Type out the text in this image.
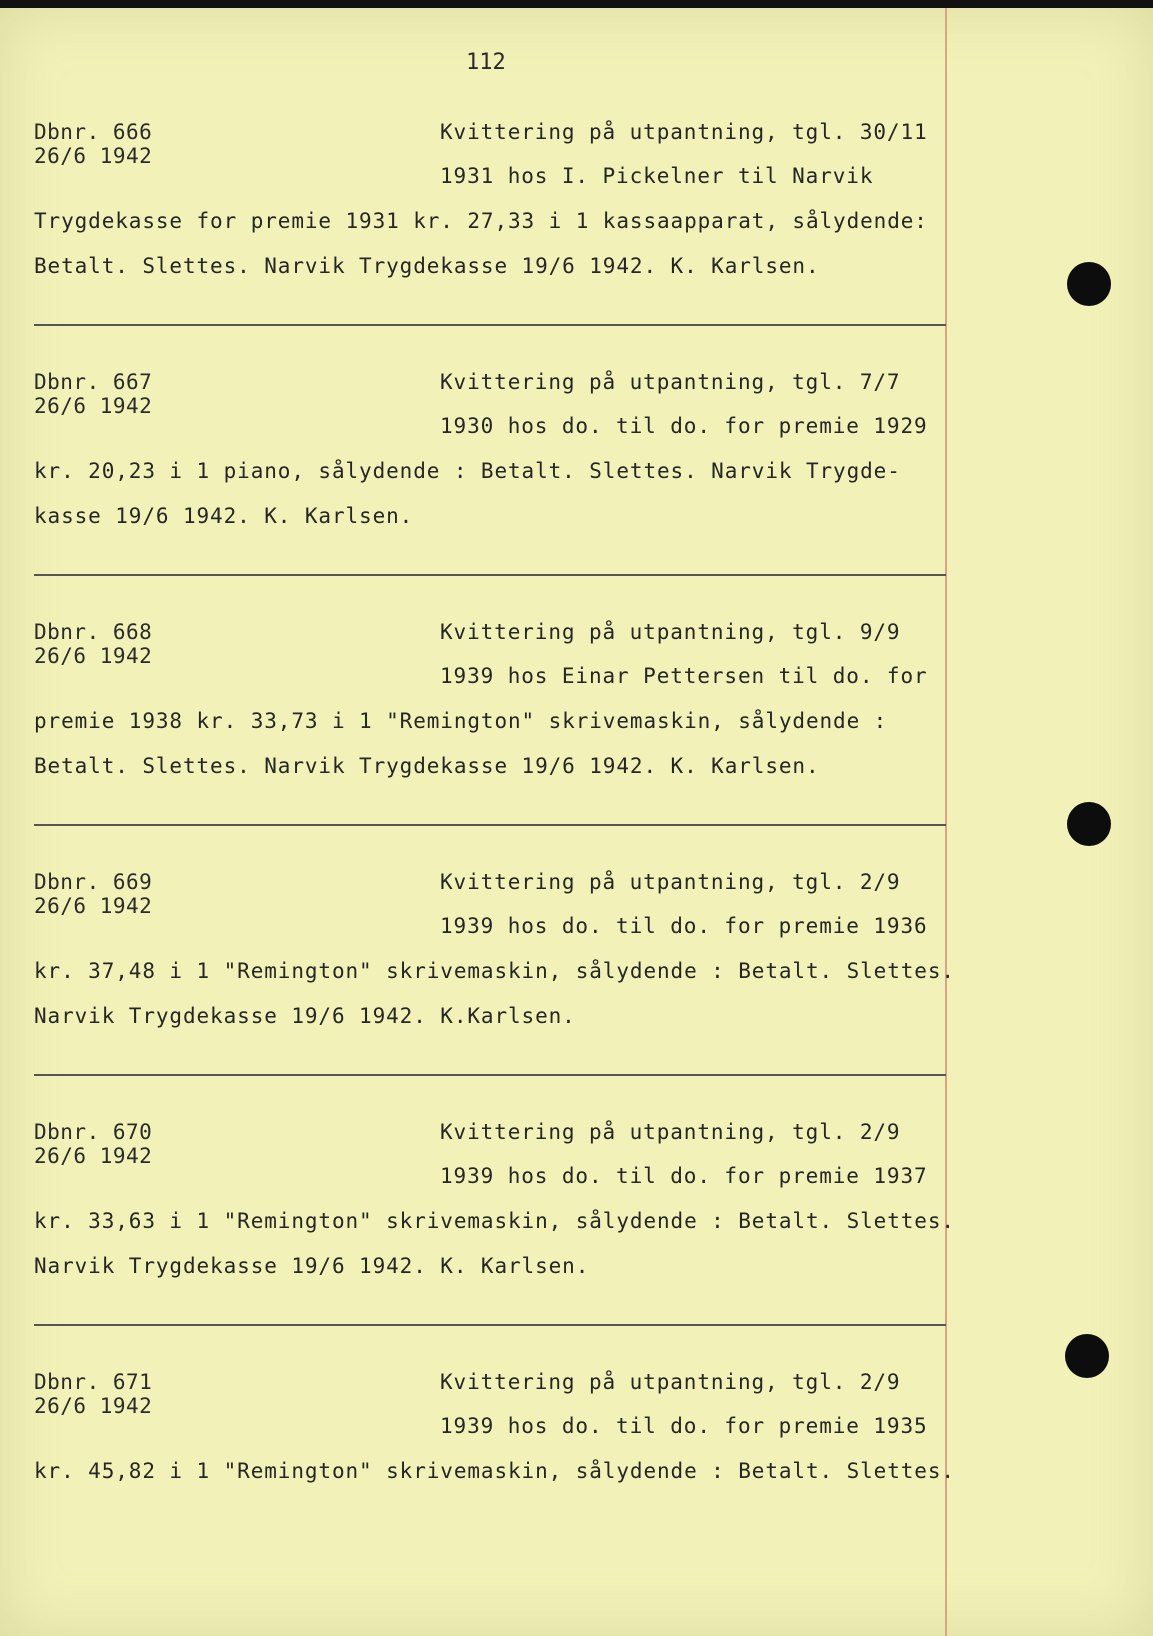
112
Dbnr. 666
26/6 1942
Kvittering på utpantning, tgl. 30/11
1931 hos I. Pickelner til Narvik
Trygdekasse for premie 1931 kr. 27,33 i 1 kassaapparat, sålydende:
Betalt. Slettes. Narvik Trygdekasse 19/6 1942. K. Karlsen.
Dbnr. 667
26/6 1942
Kvittering på utpantning, tgl. 7/7
1930 hos do. til do. for premie 1929
kr. 20,23 i 1 piano, sålydende : Betalt. Slettes. Narvik Trygde-
kasse 19/6 1942. K. Karlsen.
Dbnr. 668
26/6 1942
Kvittering på utpantning, tgl. 9/9
1939 hos Einar Pettersen til do. for
premie 1938 kr. 33,73 i 1 "Remington" skrivemaskin, sålydende :
Betalt. Slettes. Narvik Trygdekasse 19/6 1942. K. Karlsen.
Dbnr. 669
26/6 1942
Kvittering på utpantning, tgl. 2/9
1939 hos do. til do. for premie 1936
kr. 37,48 i 1 "Remington" skrivemaskin, sålydende : Betalt. Slettes.
Narvik Trygdekasse 19/6 1942. K.Karlsen.
Dbnr. 670
26/6 1942
Kvittering på utpantning, tgl. 2/9
1939 hos do. til do. for premie 1937
kr. 33,63 i 1 "Remington" skrivemaskin, sålydende : Betalt. Slettes.
Narvik Trygdekasse 19/6 1942. K. Karlsen.
Dbnr. 671
26/6 1942
Kvittering på utpantning, tgl. 2/9
1939 hos do. til do. for premie 1935
kr. 45,82 i 1 "Remington" skrivemaskin, sålydende : Betalt. Slettes.
